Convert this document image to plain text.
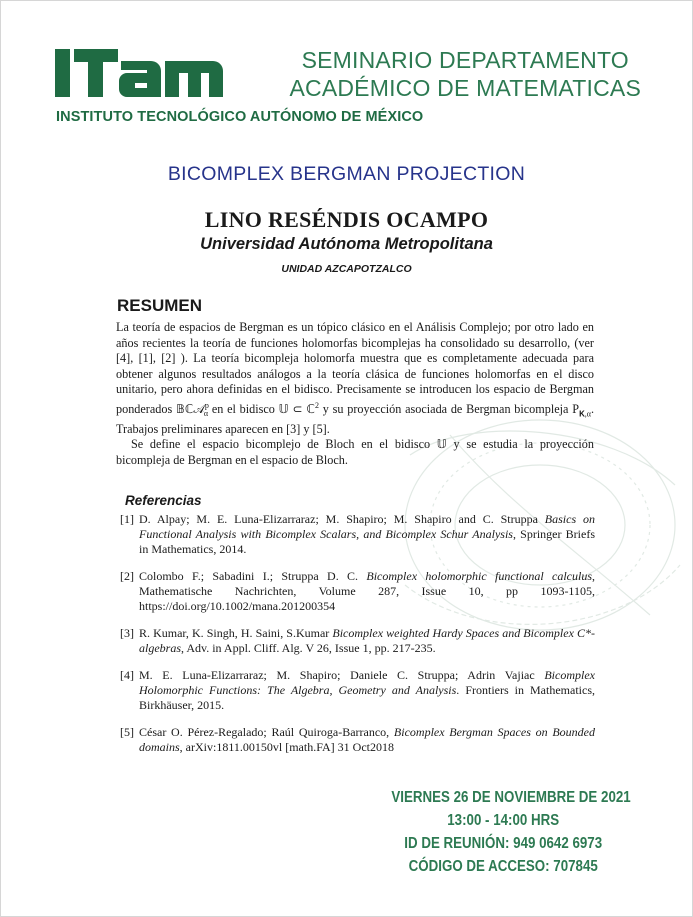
INSTITUTO TECNOLÓGICO AUTÓNOMO DE MÉXICO
SEMINARIO DEPARTAMENTO
ACADÉMICO DE MATEMATICAS
BICOMPLEX BERGMAN PROJECTION
LINO RESÉNDIS OCAMPO
Universidad Autónoma Metropolitana
UNIDAD AZCAPOTZALCO
RESUMEN

La teoría de espacios de Bergman es un tópico clásico en el Análisis Complejo; por otro lado en años recientes la teoría de funciones holomorfas bicomplejas ha consolidado su desarrollo, (ver [4], [1], [2] ). La teoría bicompleja holomorfa muestra que es completamente adecuada para obtener algunos resultados análogos a la teoría clásica de funciones holomorfas en el disco unitario, pero ahora definidas en el bidisco. Precisamente se introducen los espacio de Bergman ponderados 𝔹ℂ𝒜$^p_\alpha$ en el bidisco 𝕌 ⊂ ℂ$^2$ y su proyección asociada de Bergman bicompleja $P_{𝐊,\alpha}$. Trabajos preliminares aparecen en [3] y [5].

Se define el espacio bicomplejo de Bloch en el bidisco 𝕌 y se estudia la proyección bicompleja de Bergman en el espacio de Bloch.

Referencias

[1] D. Alpay; M. E. Luna-Elizarraraz; M. Shapiro; M. Shapiro and C. Struppa Basics on Functional Analysis with Bicomplex Scalars, and Bicomplex Schur Analysis, Springer Briefs in Mathematics, 2014.

[2] Colombo F.; Sabadini I.; Struppa D. C. Bicomplex holomorphic functional calculus, Mathematische Nachrichten, Volume 287, Issue 10, pp 1093-1105, https://doi.org/10.1002/mana.201200354

[3] R. Kumar, K. Singh, H. Saini, S.Kumar Bicomplex weighted Hardy Spaces and Bicomplex C*-algebras, Adv. in Appl. Cliff. Alg. V 26, Issue 1, pp. 217-235.

[4] M. E. Luna-Elizarraraz; M. Shapiro; Daniele C. Struppa; Adrin Vajiac Bicomplex Holomorphic Functions: The Algebra, Geometry and Analysis. Frontiers in Mathematics, Birkhäuser, 2015.

[5] César O. Pérez-Regalado; Raúl Quiroga-Barranco, Bicomplex Bergman Spaces on Bounded domains, arXiv:1811.00150vl [math.FA] 31 Oct2018

VIERNES 26 DE NOVIEMBRE DE 2021
13:00 - 14:00 HRS
ID DE REUNIÓN: 949 0642 6973
CÓDIGO DE ACCESO: 707845
